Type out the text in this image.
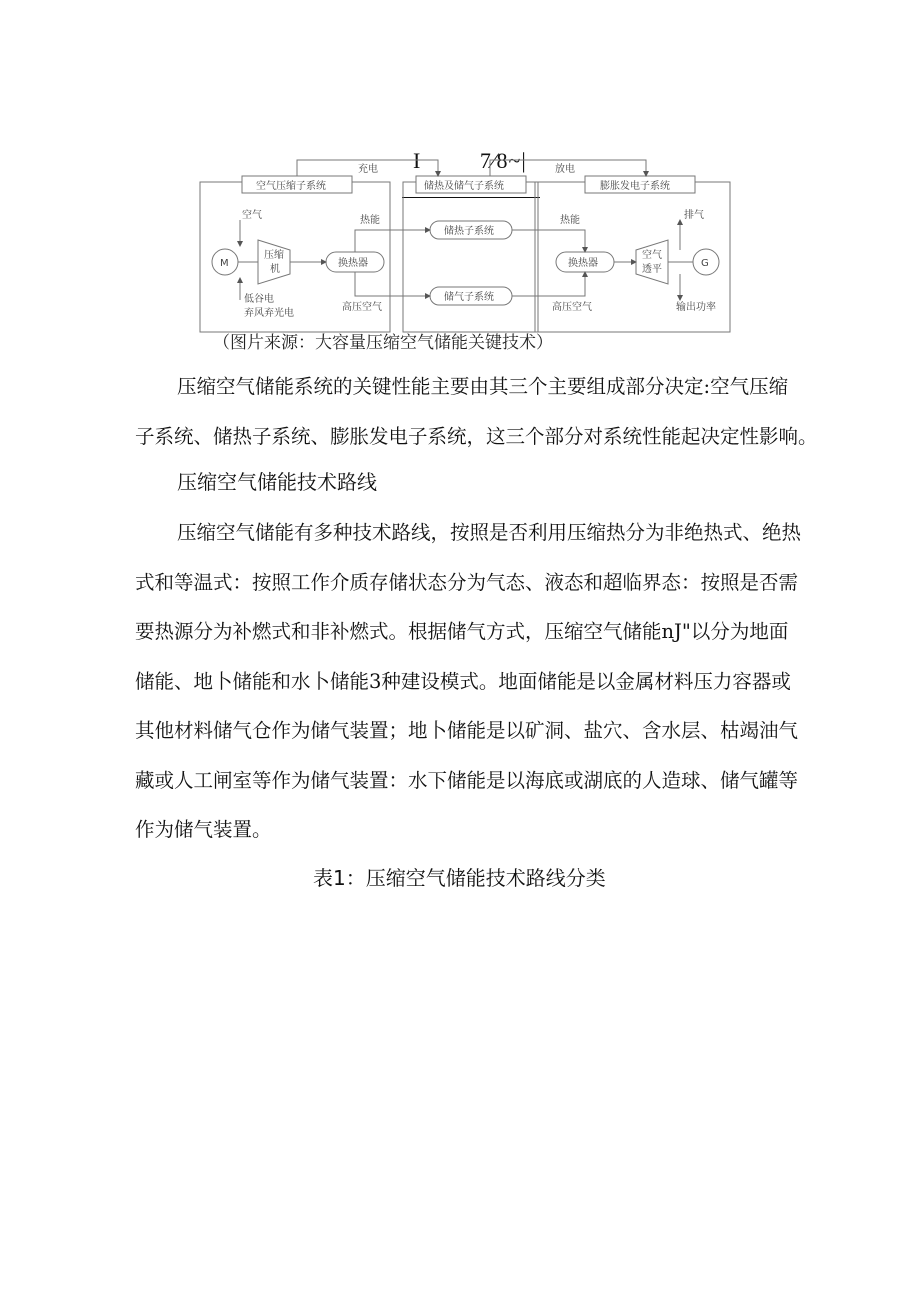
I         7⁄8~|

充电	放电
空气压缩子系统	储热及储气子系统	膨胀发电子系统
空气
M
压缩
机
换热器
热能
高压空气
低谷电
弃风弃光电
储热子系统
储气子系统
热能
换热器
高压空气
空气
透平
G
排气
输出功率
（图片来源：大容量压缩空气储能关键技术）
压缩空气储能系统的关键性能主要由其三个主要组成部分决定:空气压缩
子系统、储热子系统、膨胀发电子系统，这三个部分对系统性能起决定性影响。
压缩空气储能技术路线
压缩空气储能有多种技术路线，按照是否利用压缩热分为非绝热式、绝热
式和等温式：按照工作介质存储状态分为气态、液态和超临界态：按照是否需
要热源分为补燃式和非补燃式。根据储气方式，压缩空气储能nJ"以分为地面
储能、地卜储能和水卜储能3种建设模式。地面储能是以金属材料压力容器或
其他材料储气仓作为储气装置；地卜储能是以矿洞、盐穴、含水层、枯竭油气
藏或人工闸室等作为储气装置：水下储能是以海底或湖底的人造球、储气罐等
作为储气装置。
表1：压缩空气储能技术路线分类
